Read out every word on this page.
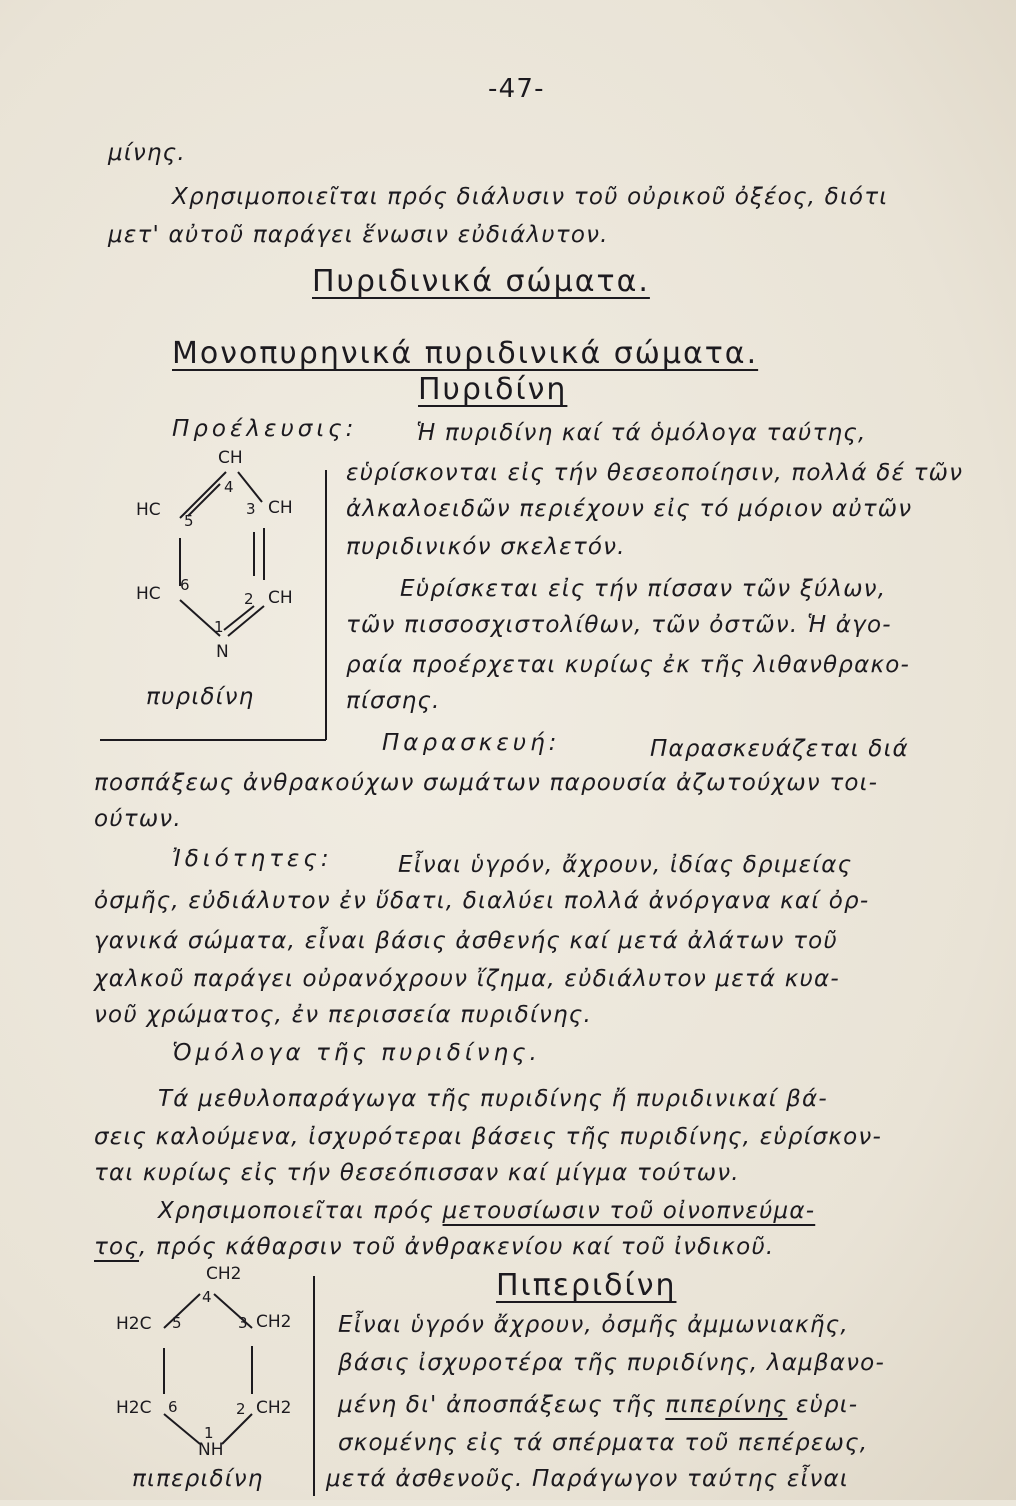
-47-
μίνης.
Χρησιμοποιεῖται πρός διάλυσιν τοῦ οὐρικοῦ ὀξέος, διότι
μετ' αὐτοῦ παράγει ἕνωσιν εὐδιάλυτον.
Πυριδινικά σώματα.
Μονοπυρηνικά πυριδινικά σώματα.
Πυριδίνη
Προέλευσις:	Ἡ πυριδίνη καί τά ὁμόλογα ταύτης,
CH
4
HC
5
3 CH
HC 6
2 CH
1
N
πυριδίνη
εὑρίσκονται εἰς τήν θεσεοποίησιν, πολλά δέ τῶν
ἀλκαλοειδῶν περιέχουν εἰς τό μόριον αὐτῶν
πυριδινικόν σκελετόν.
Εὑρίσκεται εἰς τήν πίσσαν τῶν ξύλων,
τῶν πισσοσχιστολίθων, τῶν ὀστῶν. Ἡ ἀγο-
ραία προέρχεται κυρίως ἐκ τῆς λιθανθρακο-
πίσσης.
Παρασκευή:	Παρασκευάζεται διά
ποσπάξεως ἀνθρακούχων σωμάτων παρουσία ἀζωτούχων τοι-
ούτων.
Ἰδιότητες:	Εἶναι ὑγρόν, ἄχρουν, ἰδίας δριμείας
ὀσμῆς, εὐδιάλυτον ἐν ὕδατι, διαλύει πολλά ἀνόργανα καί ὀρ-
γανικά σώματα, εἶναι βάσις ἀσθενής καί μετά ἀλάτων τοῦ
χαλκοῦ παράγει οὐρανόχρουν ἴζημα, εὐδιάλυτον μετά κυα-
νοῦ χρώματος, ἐν περισσεία πυριδίνης.
Ὁμόλογα τῆς πυριδίνης.
Τά μεθυλοπαράγωγα τῆς πυριδίνης ἤ πυριδινικαί βά-
σεις καλούμενα, ἰσχυρότεραι βάσεις τῆς πυριδίνης, εὑρίσκον-
ται κυρίως εἰς τήν θεσεόπισσαν καί μίγμα τούτων.
Χρησιμοποιεῖται πρός μετουσίωσιν τοῦ οἰνοπνεύμα-
τος, πρός κάθαρσιν τοῦ ἀνθρακενίου καί τοῦ ἰνδικοῦ.
Πιπεριδίνη
CH2
4
H2C 5	3 CH2
H2C 6	2 CH2
1
NH
πιπεριδίνη
Εἶναι ὑγρόν ἄχρουν, ὀσμῆς ἀμμωνιακῆς,
βάσις ἰσχυροτέρα τῆς πυριδίνης, λαμβανο-
μένη δι' ἀποσπάξεως τῆς πιπερίνης εὑρι-
σκομένης εἰς τά σπέρματα τοῦ πεπέρεως,
μετά ἀσθενοῦς. Παράγωγον ταύτης εἶναι
